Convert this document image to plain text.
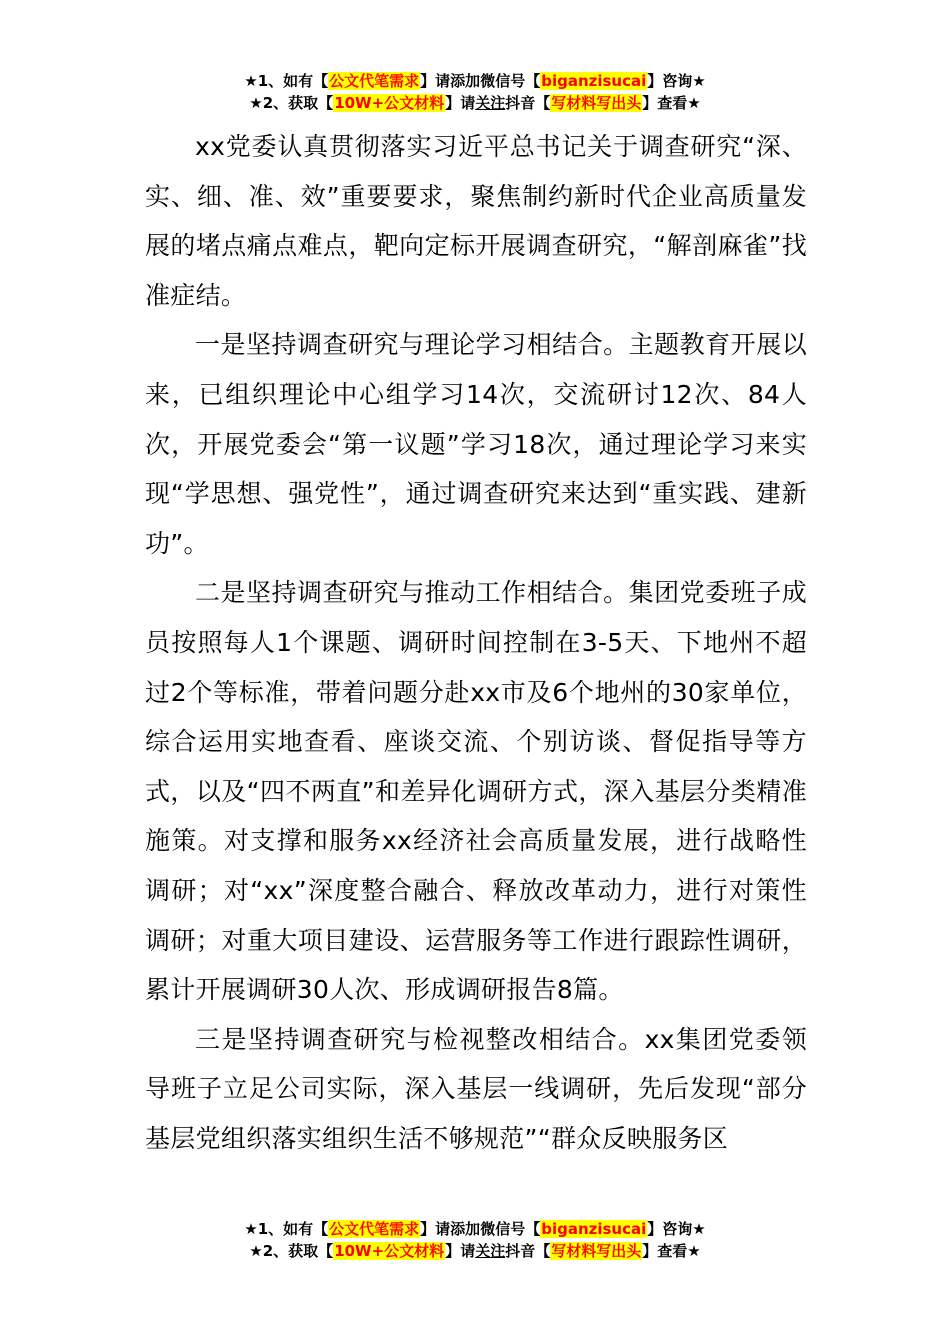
★1、如有【公文代笔需求】请添加微信号【biganzisucai】咨询★
★2、获取【10W+公文材料】请关注抖音【写材料写出头】查看★

xx党委认真贯彻落实习近平总书记关于调查研究“深、实、细、准、效”重要要求，聚焦制约新时代企业高质量发展的堵点痛点难点，靶向定标开展调查研究，“解剖麻雀”找准症结。

一是坚持调查研究与理论学习相结合。主题教育开展以来，已组织理论中心组学习14次，交流研讨12次、84人次，开展党委会“第一议题”学习18次，通过理论学习来实现“学思想、强党性”，通过调查研究来达到“重实践、建新功”。

二是坚持调查研究与推动工作相结合。集团党委班子成员按照每人1个课题、调研时间控制在3-5天、下地州不超过2个等标准，带着问题分赴xx市及6个地州的30家单位，综合运用实地查看、座谈交流、个别访谈、督促指导等方式，以及“四不两直”和差异化调研方式，深入基层分类精准施策。对支撑和服务xx经济社会高质量发展，进行战略性调研；对“xx”深度整合融合、释放改革动力，进行对策性调研；对重大项目建设、运营服务等工作进行跟踪性调研，累计开展调研30人次、形成调研报告8篇。

三是坚持调查研究与检视整改相结合。xx集团党委领导班子立足公司实际，深入基层一线调研，先后发现“部分基层党组织落实组织生活不够规范”“群众反映服务区

★1、如有【公文代笔需求】请添加微信号【biganzisucai】咨询★
★2、获取【10W+公文材料】请关注抖音【写材料写出头】查看★
